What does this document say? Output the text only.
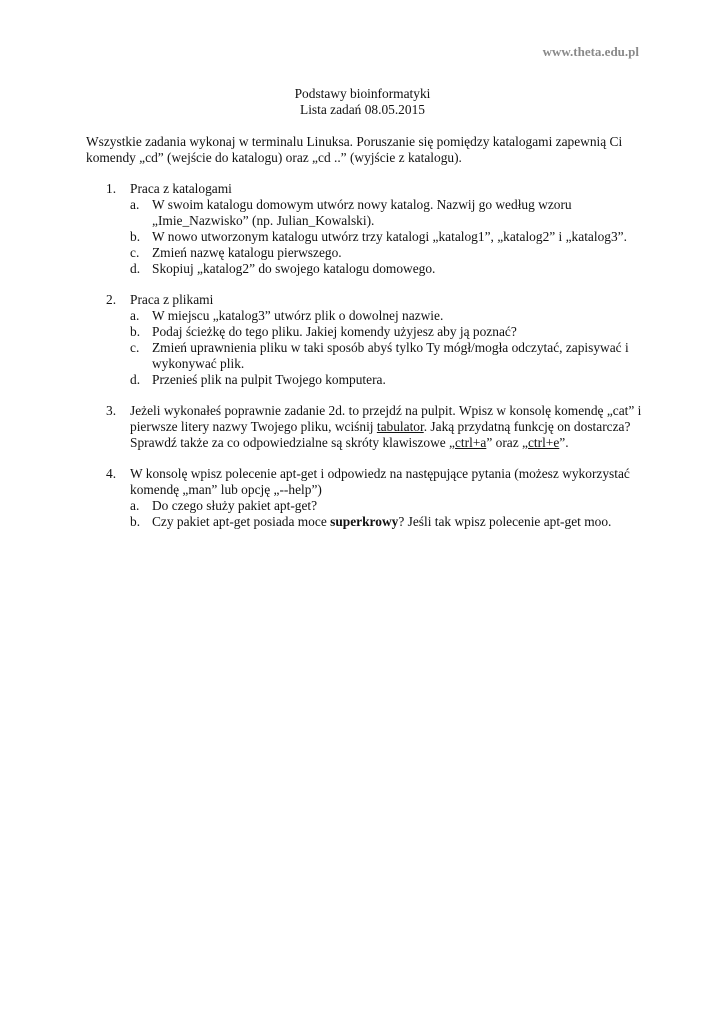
www.theta.edu.pl
Podstawy bioinformatyki
Lista zadań 08.05.2015

Wszystkie zadania wykonaj w terminalu Linuksa. Poruszanie się pomiędzy katalogami zapewnią Ci komendy „cd” (wejście do katalogu) oraz „cd ..” (wyjście z katalogu).

1. Praca z katalogami
a. W swoim katalogu domowym utwórz nowy katalog. Nazwij go według wzoru „Imie_Nazwisko” (np. Julian_Kowalski).
b. W nowo utworzonym katalogu utwórz trzy katalogi „katalog1”, „katalog2” i „katalog3”.
c. Zmień nazwę katalogu pierwszego.
d. Skopiuj „katalog2” do swojego katalogu domowego.
2. Praca z plikami
a. W miejscu „katalog3” utwórz plik o dowolnej nazwie.
b. Podaj ścieżkę do tego pliku. Jakiej komendy użyjesz aby ją poznać?
c. Zmień uprawnienia pliku w taki sposób abyś tylko Ty mógł/mogła odczytać, zapisywać i wykonywać plik.
d. Przenieś plik na pulpit Twojego komputera.
3. Jeżeli wykonałeś poprawnie zadanie 2d. to przejdź na pulpit. Wpisz w konsolę komendę „cat” i pierwsze litery nazwy Twojego pliku, wciśnij tabulator. Jaką przydatną funkcję on dostarcza? Sprawdź także za co odpowiedzialne są skróty klawiszowe „ctrl+a” oraz „ctrl+e”.
4. W konsolę wpisz polecenie apt-get i odpowiedz na następujące pytania (możesz wykorzystać komendę „man” lub opcję „--help”)
a. Do czego służy pakiet apt-get?
b. Czy pakiet apt-get posiada moce superkrowy? Jeśli tak wpisz polecenie apt-get moo.
